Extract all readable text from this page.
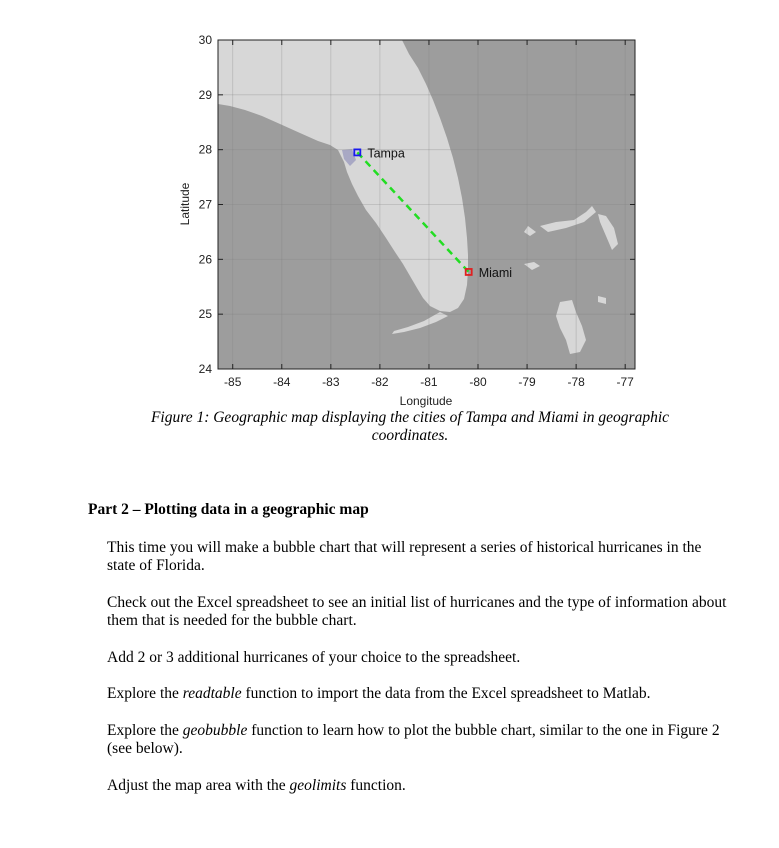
-85	-84	-83	-82	-81	-80	-79	-78	-77
24
25
26
27
28
29
30
Tampa
Miami
Longitude
Latitude
Figure 1: Geographic map displaying the cities of Tampa and Miami in geographic coordinates.
Part 2 – Plotting data in a geographic map
This time you will make a bubble chart that will represent a series of historical hurricanes in the state of Florida.
Check out the Excel spreadsheet to see an initial list of hurricanes and the type of information about them that is needed for the bubble chart.
Add 2 or 3 additional hurricanes of your choice to the spreadsheet.
Explore the readtable function to import the data from the Excel spreadsheet to Matlab.
Explore the geobubble function to learn how to plot the bubble chart, similar to the one in Figure 2 (see below).
Adjust the map area with the geolimits function.
